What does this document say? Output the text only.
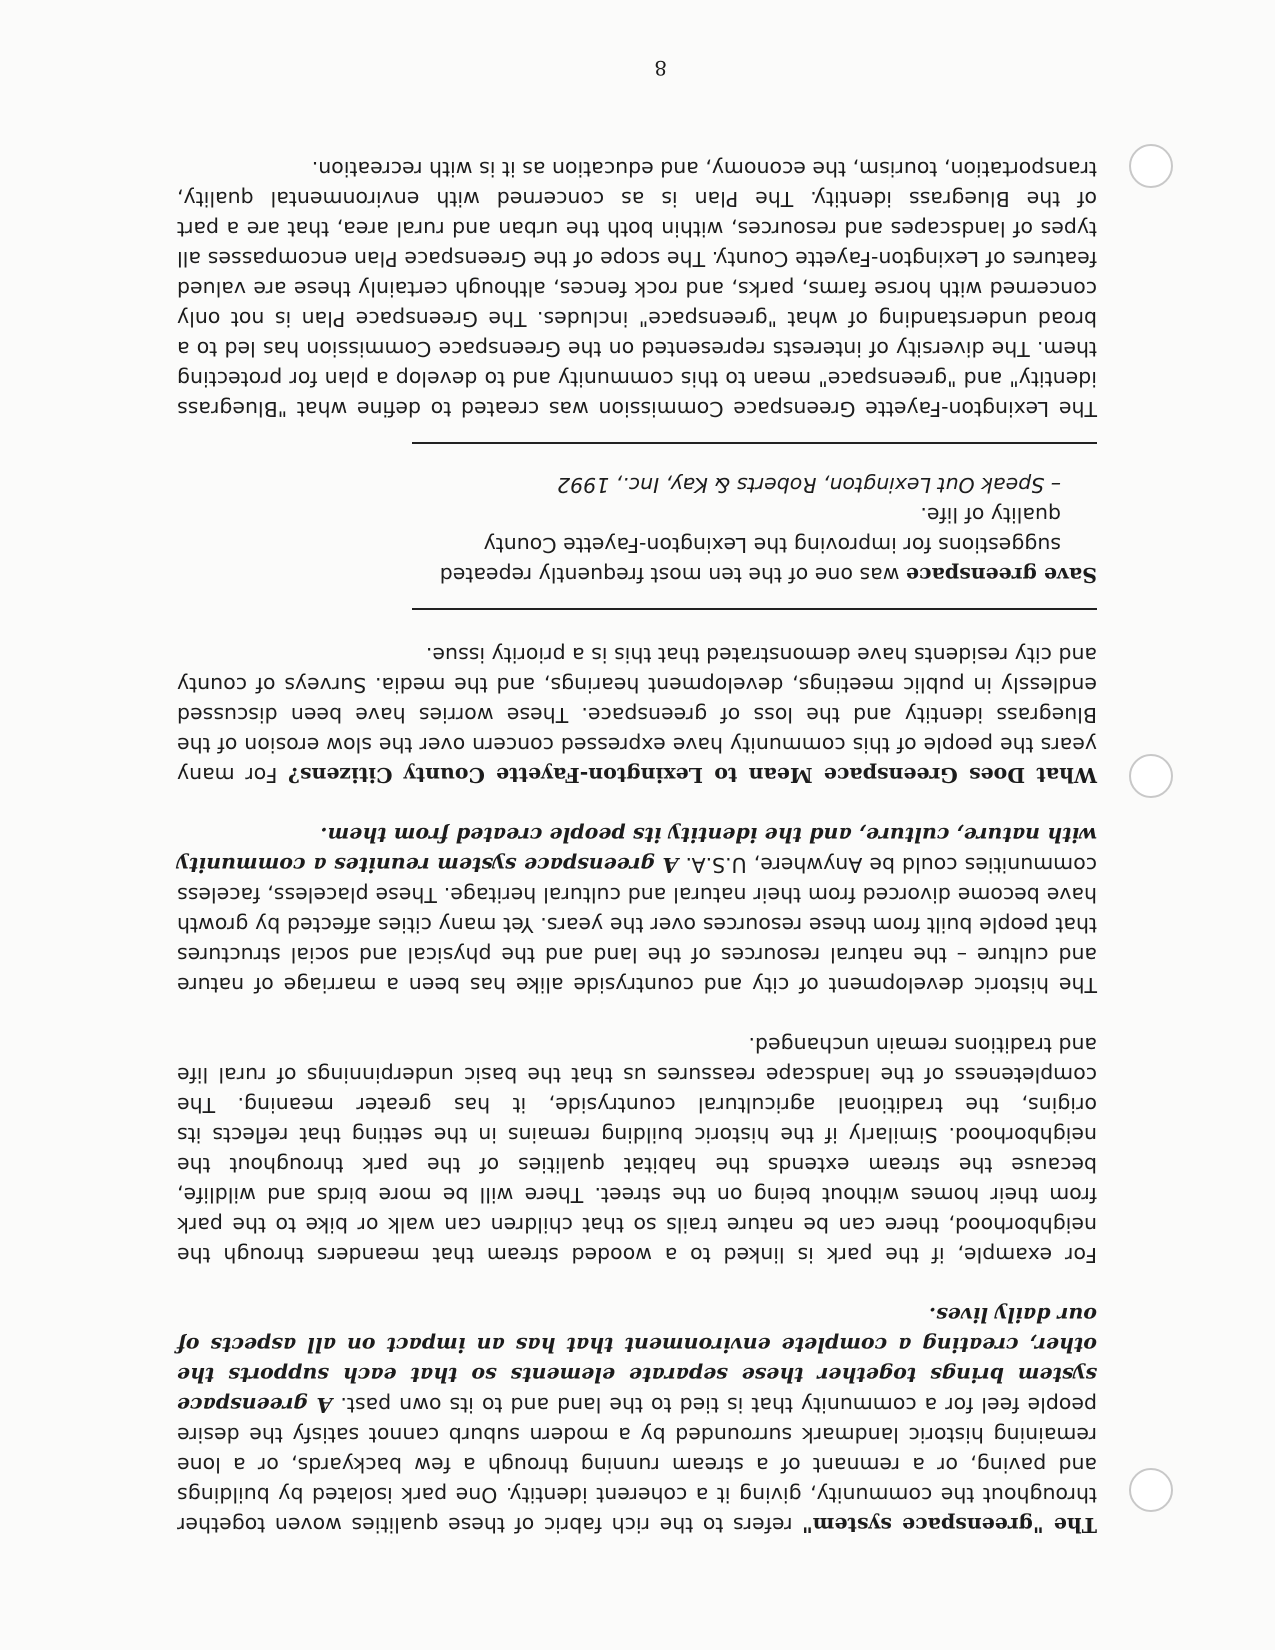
The "greenspace system" refers to the rich fabric of these qualities woven together throughout the community, giving it a coherent identity. One park isolated by buildings and paving, or a remnant of a stream running through a few backyards, or a lone remaining historic landmark surrounded by a modern suburb cannot satisfy the desire people feel for a community that is tied to the land and to its own past. A greenspace system brings together these separate elements so that each supports the other, creating a complete environment that has an impact on all aspects of our daily lives.

For example, if the park is linked to a wooded stream that meanders through the neighborhood, there can be nature trails so that children can walk or bike to the park from their homes without being on the street. There will be more birds and wildlife, because the stream extends the habitat qualities of the park throughout the neighborhood. Similarly if the historic building remains in the setting that reflects its origins, the traditional agricultural countryside, it has greater meaning. The completeness of the landscape reassures us that the basic underpinnings of rural life and traditions remain unchanged.

The historic development of city and countryside alike has been a marriage of nature and culture – the natural resources of the land and the physical and social structures that people built from these resources over the years. Yet many cities affected by growth have become divorced from their natural and cultural heritage. These placeless, faceless communities could be Anywhere, U.S.A. A greenspace system reunites a community with nature, culture, and the identity its people created from them.

What Does Greenspace Mean to Lexington-Fayette County Citizens? For many years the people of this community have expressed concern over the slow erosion of the Bluegrass identity and the loss of greenspace. These worries have been discussed endlessly in public meetings, development hearings, and the media. Surveys of county and city residents have demonstrated that this is a priority issue.

Save greenspace was one of the ten most frequently repeated
suggestions for improving the Lexington-Fayette County
quality of life.
– Speak Out Lexington, Roberts & Kay, Inc., 1992

The Lexington-Fayette Greenspace Commission was created to define what "Bluegrass identity" and "greenspace" mean to this community and to develop a plan for protecting them. The diversity of interests represented on the Greenspace Commission has led to a broad understanding of what "greenspace" includes. The Greenspace Plan is not only concerned with horse farms, parks, and rock fences, although certainly these are valued features of Lexington-Fayette County. The scope of the Greenspace Plan encompasses all types of landscapes and resources, within both the urban and rural area, that are a part of the Bluegrass identity. The Plan is as concerned with environmental quality, transportation, tourism, the economy, and education as it is with recreation.

8
